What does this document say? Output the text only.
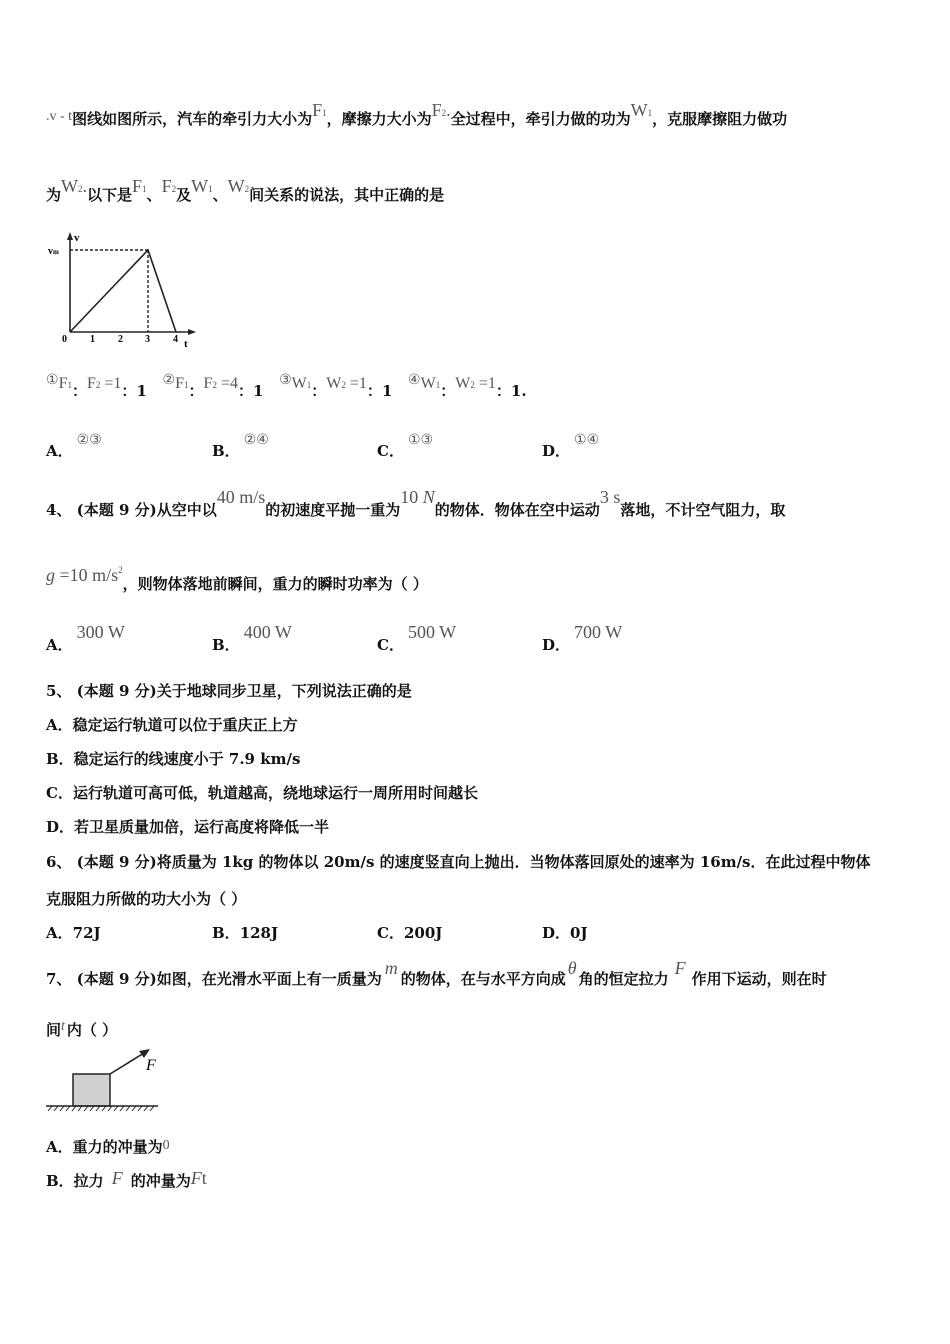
.v - t图线如图所示，汽车的牵引力大小为F1，摩擦力大小为F2.全过程中，牵引力做的功为W1，克服摩擦阻力做功
为W2.以下是F1、F2及W1、W2间关系的说法，其中正确的是
v
vm
t
0 1 2 3 4
①F1：F2 =1：1   ②F1：F2 =4：1   ③W1：W2 =1：1   ④W1：W2 =1：1.
A．②③
B．②④
C．①③
D．①④
4、 (本题 9 分)从空中以40 m/s的初速度平抛一重为10 N的物体．物体在空中运动3 s落地，不计空气阻力，取
g =10 $m/s^2$，则物体落地前瞬间，重力的瞬时功率为（ ）
A．300 W
B．400 W
C．500 W
D．700 W
5、 (本题 9 分)关于地球同步卫星，下列说法正确的是
A．稳定运行轨道可以位于重庆正上方
B．稳定运行的线速度小于 7.9 km/s
C．运行轨道可高可低，轨道越高，绕地球运行一周所用时间越长
D．若卫星质量加倍，运行高度将降低一半
6、 (本题 9 分)将质量为 1kg 的物体以 20m/s 的速度竖直向上抛出．当物体落回原处的速率为 16m/s．在此过程中物体
克服阻力所做的功大小为（ ）
A．72J	B．128J	C．200J	D．0J
7、 (本题 9 分)如图，在光滑水平面上有一质量为m的物体，在与水平方向成θ角的恒定拉力F作用下运动，则在时
间t 内（ ）
F
A．重力的冲量为0
B．拉力 F 的冲量为Ft
